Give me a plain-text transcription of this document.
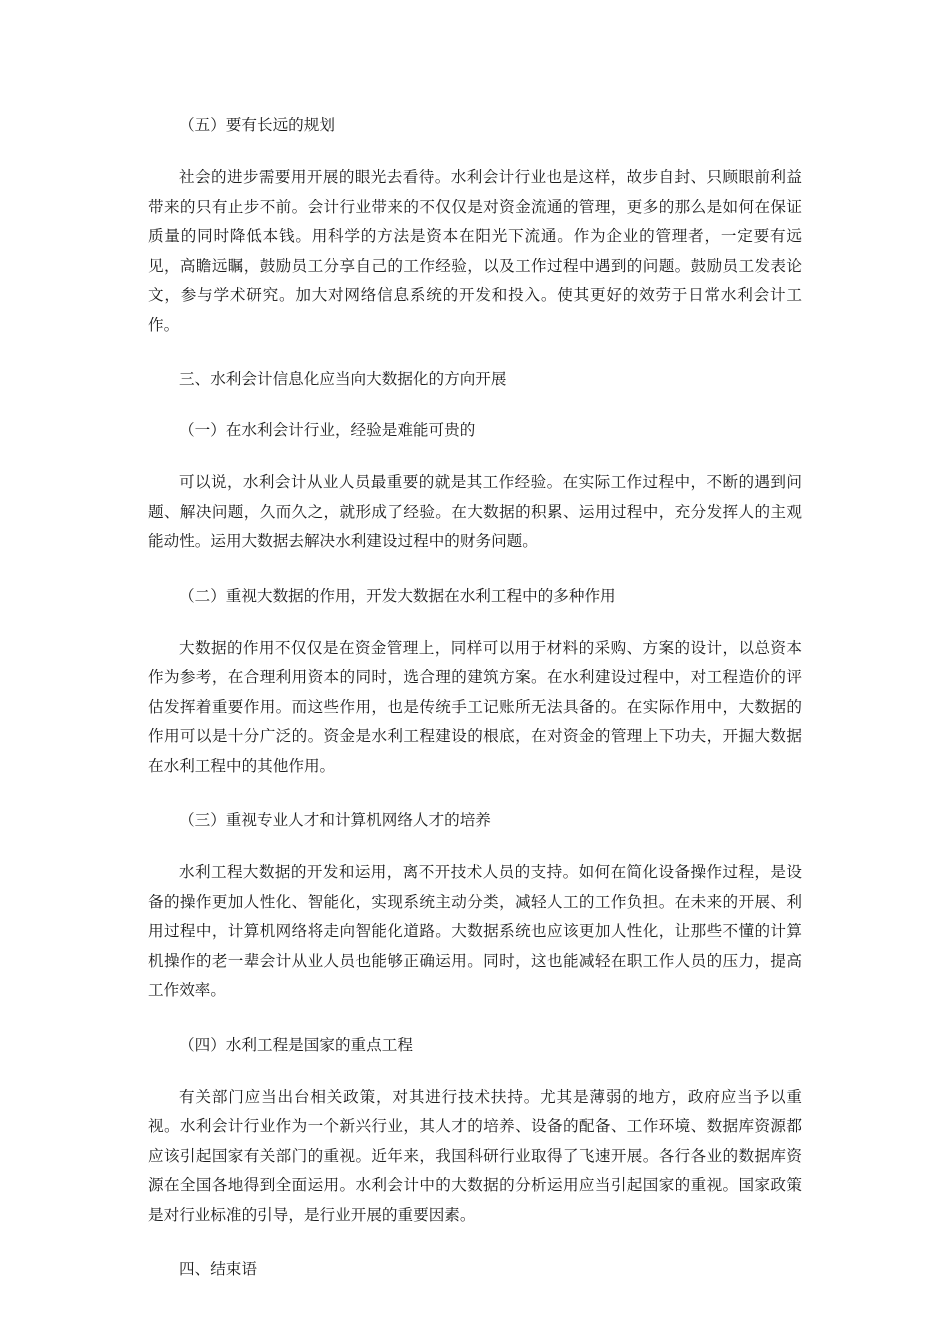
（五）要有长远的规划

社会的进步需要用开展的眼光去看待。水利会计行业也是这样，故步自封、只顾眼前利益带来的只有止步不前。会计行业带来的不仅仅是对资金流通的管理，更多的那么是如何在保证质量的同时降低本钱。用科学的方法是资本在阳光下流通。作为企业的管理者，一定要有远见，高瞻远瞩，鼓励员工分享自己的工作经验，以及工作过程中遇到的问题。鼓励员工发表论文，参与学术研究。加大对网络信息系统的开发和投入。使其更好的效劳于日常水利会计工作。

三、水利会计信息化应当向大数据化的方向开展

（一）在水利会计行业，经验是难能可贵的

可以说，水利会计从业人员最重要的就是其工作经验。在实际工作过程中，不断的遇到问题、解决问题，久而久之，就形成了经验。在大数据的积累、运用过程中，充分发挥人的主观能动性。运用大数据去解决水利建设过程中的财务问题。

（二）重视大数据的作用，开发大数据在水利工程中的多种作用

大数据的作用不仅仅是在资金管理上，同样可以用于材料的采购、方案的设计，以总资本作为参考，在合理利用资本的同时，选合理的建筑方案。在水利建设过程中，对工程造价的评估发挥着重要作用。而这些作用，也是传统手工记账所无法具备的。在实际作用中，大数据的作用可以是十分广泛的。资金是水利工程建设的根底，在对资金的管理上下功夫，开掘大数据在水利工程中的其他作用。

（三）重视专业人才和计算机网络人才的培养

水利工程大数据的开发和运用，离不开技术人员的支持。如何在简化设备操作过程，是设备的操作更加人性化、智能化，实现系统主动分类，减轻人工的工作负担。在未来的开展、利用过程中，计算机网络将走向智能化道路。大数据系统也应该更加人性化，让那些不懂的计算机操作的老一辈会计从业人员也能够正确运用。同时，这也能减轻在职工作人员的压力，提高工作效率。

（四）水利工程是国家的重点工程

有关部门应当出台相关政策，对其进行技术扶持。尤其是薄弱的地方，政府应当予以重视。水利会计行业作为一个新兴行业，其人才的培养、设备的配备、工作环境、数据库资源都应该引起国家有关部门的重视。近年来，我国科研行业取得了飞速开展。各行各业的数据库资源在全国各地得到全面运用。水利会计中的大数据的分析运用应当引起国家的重视。国家政策是对行业标准的引导，是行业开展的重要因素。

四、结束语
